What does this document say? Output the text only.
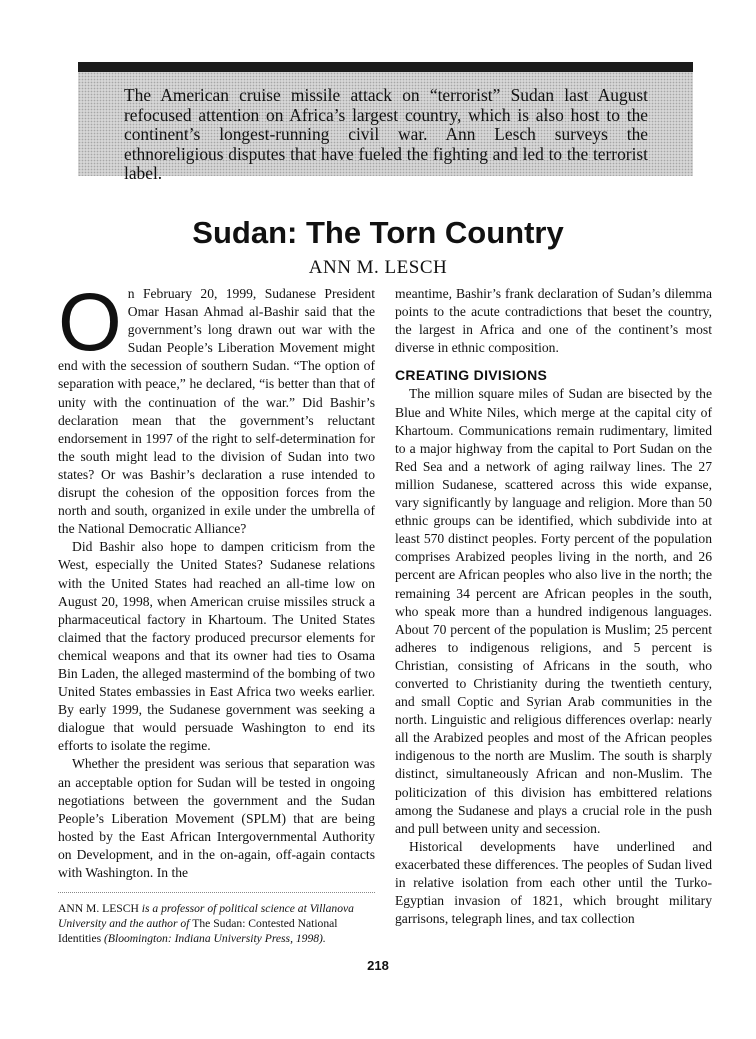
The American cruise missile attack on “terrorist” Sudan last August refocused attention on Africa’s largest country, which is also host to the continent’s longest-running civil war. Ann Lesch surveys the ethnoreligious disputes that have fueled the fighting and led to the terrorist label.
Sudan: The Torn Country
ANN M. LESCH

On February 20, 1999, Sudanese President Omar Hasan Ahmad al-Bashir said that the government’s long drawn out war with the Sudan People’s Liberation Movement might end with the secession of southern Sudan. “The option of separation with peace,” he declared, “is better than that of unity with the continuation of the war.” Did Bashir’s declaration mean that the government’s reluctant endorsement in 1997 of the right to self-determination for the south might lead to the division of Sudan into two states? Or was Bashir’s declaration a ruse intended to disrupt the cohesion of the opposition forces from the north and south, organized in exile under the umbrella of the National Democratic Alliance?

Did Bashir also hope to dampen criticism from the West, especially the United States? Sudanese relations with the United States had reached an all-time low on August 20, 1998, when American cruise missiles struck a pharmaceutical factory in Khartoum. The United States claimed that the factory produced precursor elements for chemical weapons and that its owner had ties to Osama Bin Laden, the alleged mastermind of the bombing of two United States embassies in East Africa two weeks earlier. By early 1999, the Sudanese government was seeking a dialogue that would persuade Washington to end its efforts to isolate the regime.

Whether the president was serious that separation was an acceptable option for Sudan will be tested in ongoing negotiations between the government and the Sudan People’s Liberation Movement (SPLM) that are being hosted by the East African Intergovernmental Authority on Development, and in the on-again, off-again contacts with Washington. In the

ANN M. LESCH is a professor of political science at Villanova University and the author of The Sudan: Contested National Identities (Bloomington: Indiana University Press, 1998).

meantime, Bashir’s frank declaration of Sudan’s dilemma points to the acute contradictions that beset the country, the largest in Africa and one of the continent’s most diverse in ethnic composition.

CREATING DIVISIONS

The million square miles of Sudan are bisected by the Blue and White Niles, which merge at the capital city of Khartoum. Communications remain rudimentary, limited to a major highway from the capital to Port Sudan on the Red Sea and a network of aging railway lines. The 27 million Sudanese, scattered across this wide expanse, vary significantly by language and religion. More than 50 ethnic groups can be identified, which subdivide into at least 570 distinct peoples. Forty percent of the population comprises Arabized peoples living in the north, and 26 percent are African peoples who also live in the north; the remaining 34 percent are African peoples in the south, who speak more than a hundred indigenous languages. About 70 percent of the population is Muslim; 25 percent adheres to indigenous religions, and 5 percent is Christian, consisting of Africans in the south, who converted to Christianity during the twentieth century, and small Coptic and Syrian Arab communities in the north. Linguistic and religious differences overlap: nearly all the Arabized peoples and most of the African peoples indigenous to the north are Muslim. The south is sharply distinct, simultaneously African and non-Muslim. The politicization of this division has embittered relations among the Sudanese and plays a crucial role in the push and pull between unity and secession.

Historical developments have underlined and exacerbated these differences. The peoples of Sudan lived in relative isolation from each other until the Turko-Egyptian invasion of 1821, which brought military garrisons, telegraph lines, and tax collection

218
